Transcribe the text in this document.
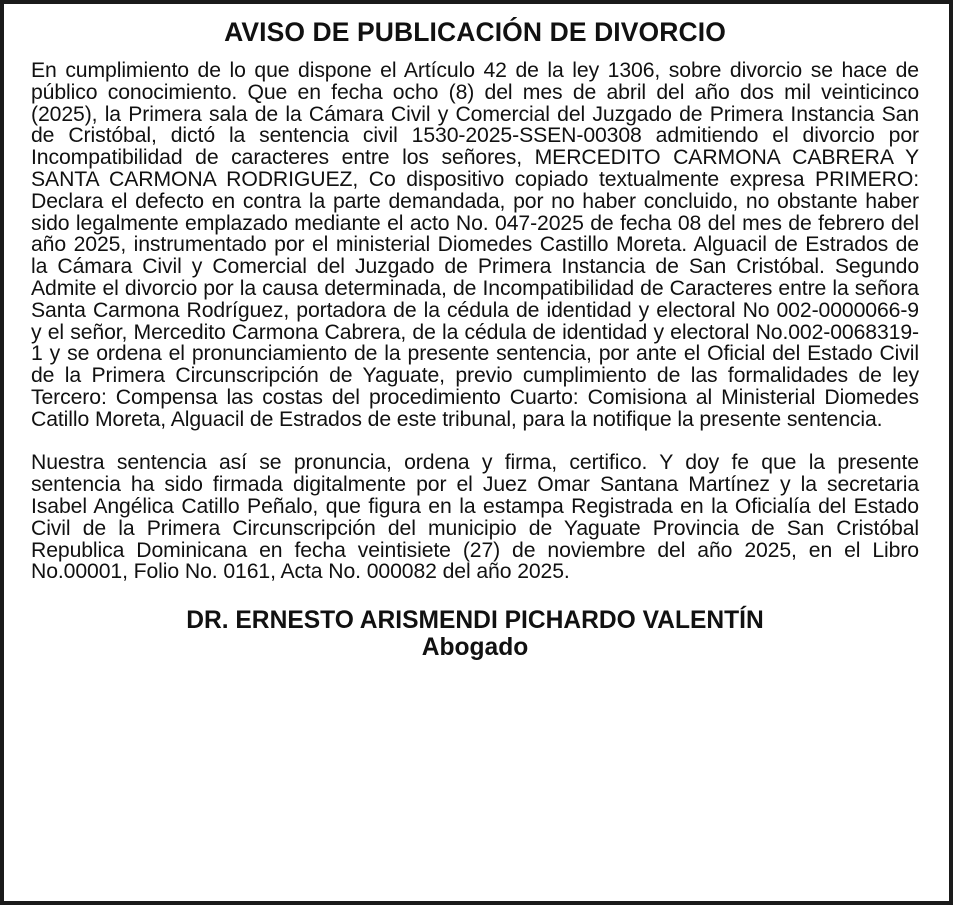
AVISO DE PUBLICACIÓN DE DIVORCIO

En cumplimiento de lo que dispone el Artículo 42 de la ley 1306, sobre divorcio se hace de público conocimiento. Que en fecha ocho (8) del mes de abril del año dos mil veinticinco (2025), la Primera sala de la Cámara Civil y Comercial del Juzgado de Primera Instancia San de Cristóbal, dictó la sentencia civil 1530-2025-SSEN-00308 admitiendo el divorcio por Incompatibilidad de caracteres entre los señores, MERCEDITO CARMONA CABRERA Y SANTA CARMONA RODRIGUEZ, Co dispositivo copiado textualmente expresa PRIMERO: Declara el defecto en contra la parte demandada, por no haber concluido, no obstante haber sido legalmente emplazado mediante el acto No. 047-2025 de fecha 08 del mes de febrero del año 2025, instrumentado por el ministerial Diomedes Castillo Moreta. Alguacil de Estrados de la Cámara Civil y Comercial del Juzgado de Primera Instancia de San Cristóbal. Segundo Admite el divorcio por la causa determinada, de Incompatibilidad de Caracteres entre la señora Santa Carmona Rodríguez, portadora de la cédula de identidad y electoral No 002-0000066-9 y el señor, Mercedito Carmona Cabrera, de la cédula de identidad y electoral No.002-0068319-1 y se ordena el pronunciamiento de la presente sentencia, por ante el Oficial del Estado Civil de la Primera Circunscripción de Yaguate, previo cumplimiento de las formalidades de ley Tercero: Compensa las costas del procedimiento Cuarto: Comisiona al Ministerial Diomedes Catillo Moreta, Alguacil de Estrados de este tribunal, para la notifique la presente sentencia.

Nuestra sentencia así se pronuncia, ordena y firma, certifico. Y doy fe que la presente sentencia ha sido firmada digitalmente por el Juez Omar Santana Martínez y la secretaria Isabel Angélica Catillo Peñalo, que figura en la estampa Registrada en la Oficialía del Estado Civil de la Primera Circunscripción del municipio de Yaguate Provincia de San Cristóbal Republica Dominicana en fecha veintisiete (27) de noviembre del año 2025, en el Libro No.00001, Folio No. 0161, Acta No. 000082 del año 2025.

DR. ERNESTO ARISMENDI PICHARDO VALENTÍN
Abogado
